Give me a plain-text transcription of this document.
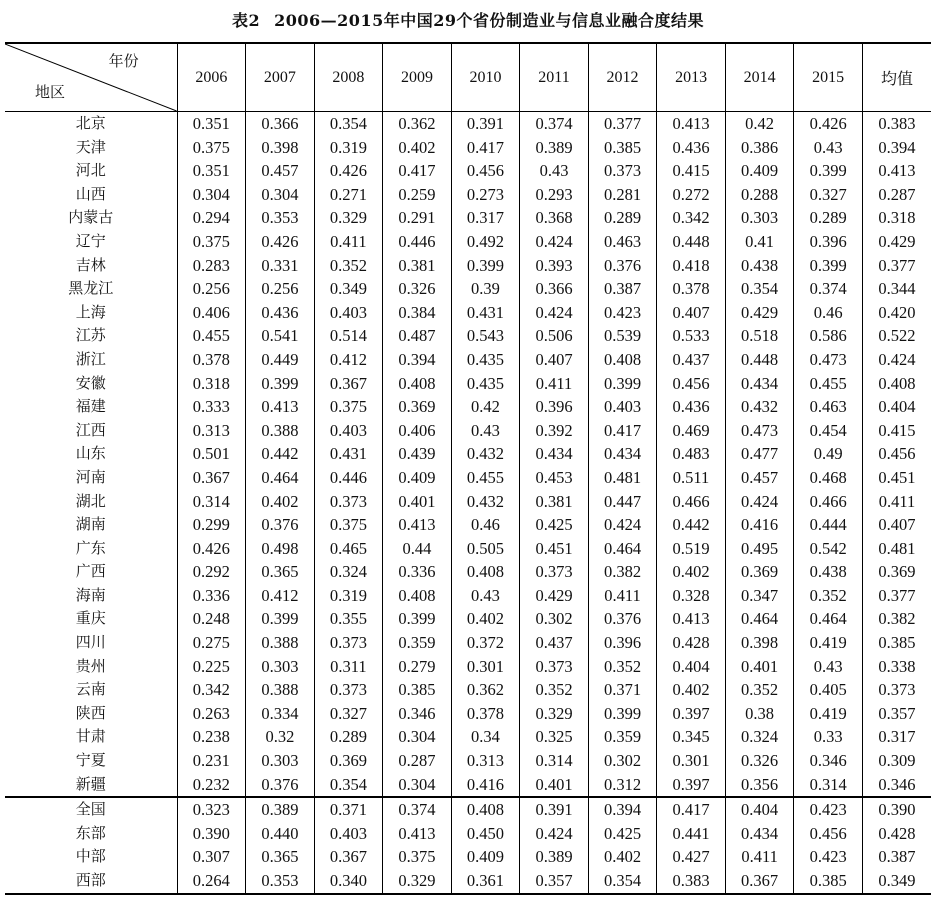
表2 2006—2015年中国29个省份制造业与信息业融合度结果
年份
地区	2006	2007	2008	2009	2010	2011	2012	2013	2014	2015	均值
北京	0.351	0.366	0.354	0.362	0.391	0.374	0.377	0.413	0.42	0.426	0.383
天津	0.375	0.398	0.319	0.402	0.417	0.389	0.385	0.436	0.386	0.43	0.394
河北	0.351	0.457	0.426	0.417	0.456	0.43	0.373	0.415	0.409	0.399	0.413
山西	0.304	0.304	0.271	0.259	0.273	0.293	0.281	0.272	0.288	0.327	0.287
内蒙古	0.294	0.353	0.329	0.291	0.317	0.368	0.289	0.342	0.303	0.289	0.318
辽宁	0.375	0.426	0.411	0.446	0.492	0.424	0.463	0.448	0.41	0.396	0.429
吉林	0.283	0.331	0.352	0.381	0.399	0.393	0.376	0.418	0.438	0.399	0.377
黑龙江	0.256	0.256	0.349	0.326	0.39	0.366	0.387	0.378	0.354	0.374	0.344
上海	0.406	0.436	0.403	0.384	0.431	0.424	0.423	0.407	0.429	0.46	0.420
江苏	0.455	0.541	0.514	0.487	0.543	0.506	0.539	0.533	0.518	0.586	0.522
浙江	0.378	0.449	0.412	0.394	0.435	0.407	0.408	0.437	0.448	0.473	0.424
安徽	0.318	0.399	0.367	0.408	0.435	0.411	0.399	0.456	0.434	0.455	0.408
福建	0.333	0.413	0.375	0.369	0.42	0.396	0.403	0.436	0.432	0.463	0.404
江西	0.313	0.388	0.403	0.406	0.43	0.392	0.417	0.469	0.473	0.454	0.415
山东	0.501	0.442	0.431	0.439	0.432	0.434	0.434	0.483	0.477	0.49	0.456
河南	0.367	0.464	0.446	0.409	0.455	0.453	0.481	0.511	0.457	0.468	0.451
湖北	0.314	0.402	0.373	0.401	0.432	0.381	0.447	0.466	0.424	0.466	0.411
湖南	0.299	0.376	0.375	0.413	0.46	0.425	0.424	0.442	0.416	0.444	0.407
广东	0.426	0.498	0.465	0.44	0.505	0.451	0.464	0.519	0.495	0.542	0.481
广西	0.292	0.365	0.324	0.336	0.408	0.373	0.382	0.402	0.369	0.438	0.369
海南	0.336	0.412	0.319	0.408	0.43	0.429	0.411	0.328	0.347	0.352	0.377
重庆	0.248	0.399	0.355	0.399	0.402	0.302	0.376	0.413	0.464	0.464	0.382
四川	0.275	0.388	0.373	0.359	0.372	0.437	0.396	0.428	0.398	0.419	0.385
贵州	0.225	0.303	0.311	0.279	0.301	0.373	0.352	0.404	0.401	0.43	0.338
云南	0.342	0.388	0.373	0.385	0.362	0.352	0.371	0.402	0.352	0.405	0.373
陕西	0.263	0.334	0.327	0.346	0.378	0.329	0.399	0.397	0.38	0.419	0.357
甘肃	0.238	0.32	0.289	0.304	0.34	0.325	0.359	0.345	0.324	0.33	0.317
宁夏	0.231	0.303	0.369	0.287	0.313	0.314	0.302	0.301	0.326	0.346	0.309
新疆	0.232	0.376	0.354	0.304	0.416	0.401	0.312	0.397	0.356	0.314	0.346
全国	0.323	0.389	0.371	0.374	0.408	0.391	0.394	0.417	0.404	0.423	0.390
东部	0.390	0.440	0.403	0.413	0.450	0.424	0.425	0.441	0.434	0.456	0.428
中部	0.307	0.365	0.367	0.375	0.409	0.389	0.402	0.427	0.411	0.423	0.387
西部	0.264	0.353	0.340	0.329	0.361	0.357	0.354	0.383	0.367	0.385	0.349
